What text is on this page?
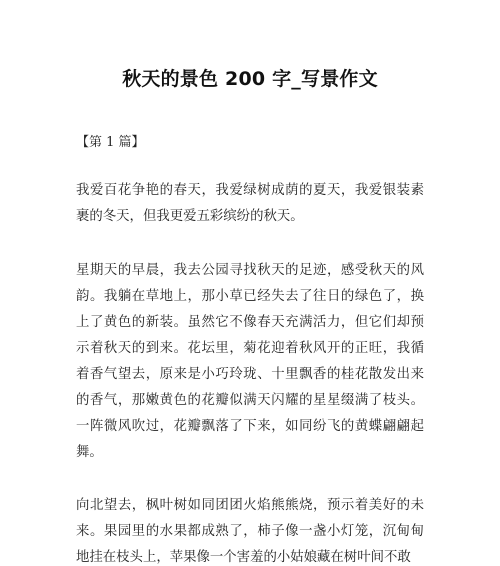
秋天的景色 200 字_写景作文
【第 1 篇】

我爱百花争艳的春天，我爱绿树成荫的夏天，我爱银装素裹的冬天，但我更爱五彩缤纷的秋天。

星期天的早晨，我去公园寻找秋天的足迹，感受秋天的风韵。我躺在草地上，那小草已经失去了往日的绿色了，换上了黄色的新装。虽然它不像春天充满活力，但它们却预示着秋天的到来。花坛里，菊花迎着秋风开的正旺，我循着香气望去，原来是小巧玲珑、十里飘香的桂花散发出来的香气，那嫩黄色的花瓣似满天闪耀的星星缀满了枝头。一阵微风吹过，花瓣飘落了下来，如同纷飞的黄蝶翩翩起舞。

向北望去，枫叶树如同团团火焰熊熊烧，预示着美好的未来。果园里的水果都成熟了，柿子像一盏小灯笼，沉甸甸地挂在枝头上，苹果像一个害羞的小姑娘藏在树叶间不敢
